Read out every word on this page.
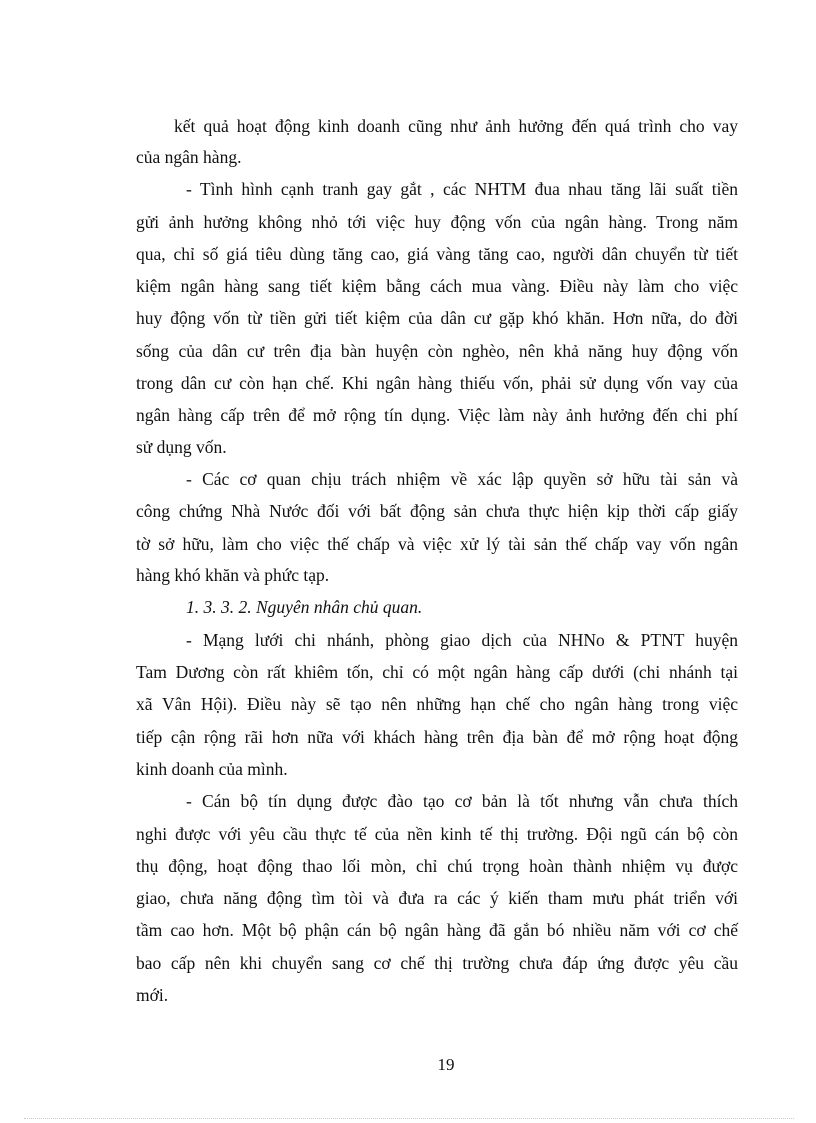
kết quả hoạt động kinh doanh cũng như ảnh hưởng đến quá trình cho vay
của ngân hàng.
- Tình hình cạnh tranh gay gắt , các NHTM đua nhau tăng lãi suất tiền
gửi ảnh hưởng không nhỏ tới việc huy động vốn của ngân hàng. Trong năm
qua, chỉ số giá tiêu dùng tăng cao, giá vàng tăng cao, người dân chuyển từ tiết
kiệm ngân hàng sang tiết kiệm bằng cách mua vàng. Điều này làm cho việc
huy động vốn từ tiền gửi tiết kiệm của dân cư gặp khó khăn. Hơn nữa, do đời
sống của dân cư trên địa bàn huyện còn nghèo, nên khả năng huy động vốn
trong dân cư còn hạn chế. Khi ngân hàng thiếu vốn, phải sử dụng vốn vay của
ngân hàng cấp trên để mở rộng tín dụng. Việc làm này ảnh hưởng đến chi phí
sử dụng vốn.
- Các cơ quan chịu trách nhiệm về xác lập quyền sở hữu tài sản và
công chứng Nhà Nước đối với bất động sản chưa thực hiện kịp thời cấp giấy
tờ sở hữu, làm cho việc thế chấp và việc xử lý tài sản thế chấp vay vốn ngân
hàng khó khăn và phức tạp.
1. 3. 3. 2. Nguyên nhân chủ quan.
- Mạng lưới chi nhánh, phòng giao dịch của NHNo & PTNT huyện
Tam Dương còn rất khiêm tốn, chỉ có một ngân hàng cấp dưới (chi nhánh tại
xã Vân Hội). Điều này sẽ tạo nên những hạn chế cho ngân hàng trong việc
tiếp cận rộng rãi hơn nữa với khách hàng trên địa bàn để mở rộng hoạt động
kinh doanh của mình.
- Cán bộ tín dụng được đào tạo cơ bản là tốt nhưng vẫn chưa thích
nghi được với yêu cầu thực tế của nền kinh tế thị trường. Đội ngũ cán bộ còn
thụ động, hoạt động thao lối mòn, chỉ chú trọng hoàn thành nhiệm vụ được
giao, chưa năng động tìm tòi và đưa ra các ý kiến tham mưu phát triển với
tầm cao hơn. Một bộ phận cán bộ ngân hàng đã gắn bó nhiều năm với cơ chế
bao cấp nên khi chuyển sang cơ chế thị trường chưa đáp ứng được yêu cầu
mới.
19
